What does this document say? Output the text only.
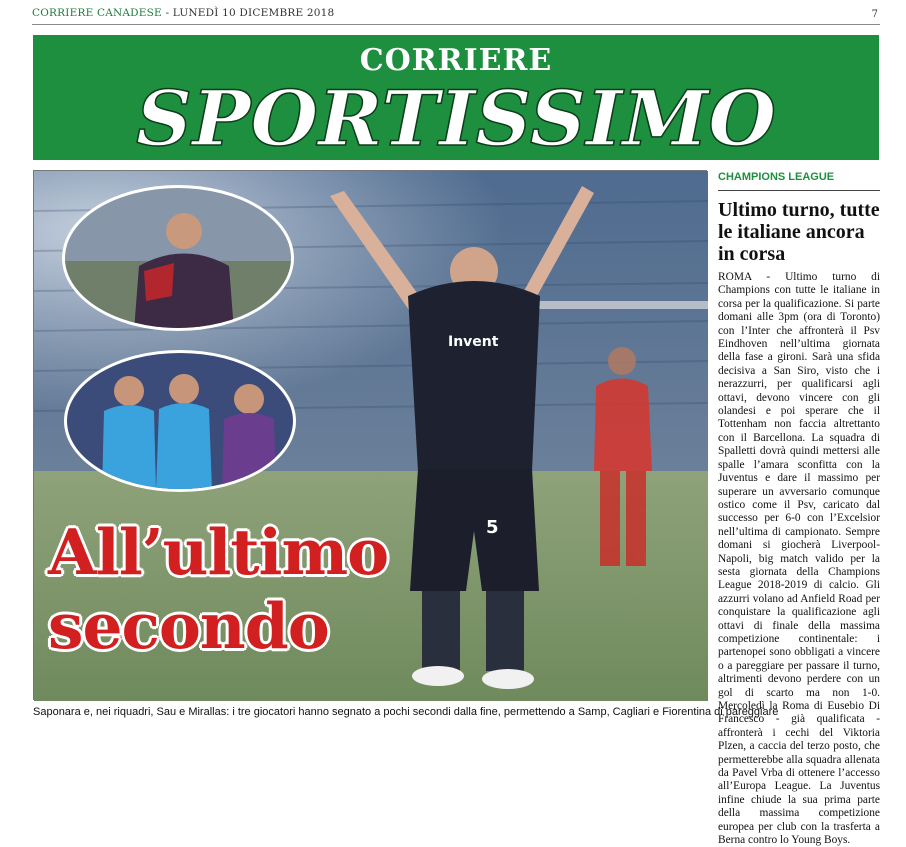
CORRIERE CANADESE - LUNEDÌ 10 DICEMBRE 2018	7
CORRIERE
SPORTISSIMO
Invent
5
All’ultimo
secondo
Saponara e, nei riquadri, Sau e Mirallas: i tre giocatori hanno segnato a pochi secondi dalla fine, permettendo a Samp, Cagliari e Fiorentina di pareggiare
CHAMPIONS LEAGUE
Ultimo turno, tutte le italiane ancora in corsa
ROMA - Ultimo turno di Champions con tutte le italiane in corsa per la qualificazione. Si parte domani alle 3pm (ora di Toronto) con l’Inter che affronterà il Psv Eindhoven nell’ultima giornata della fase a gironi. Sarà una sfida decisiva a San Siro, visto che i nerazzurri, per qualificarsi agli ottavi, devono vincere con gli olandesi e poi sperare che il Tottenham non faccia altrettanto con il Barcellona. La squadra di Spalletti dovrà quindi mettersi alle spalle l’amara sconfitta con la Juventus e dare il massimo per superare un avversario comunque ostico come il Psv, caricato dal successo per 6-0 con l’Excelsior nell’ultima di campionato. Sempre domani si giocherà Liverpool-Napoli, big match valido per la sesta giornata della Champions League 2018-2019 di calcio. Gli azzurri volano ad Anfield Road per conquistare la qualificazione agli ottavi di finale della massima competizione continentale: i partenopei sono obbligati a vincere o a pareggiare per passare il turno, altrimenti devono perdere con un gol di scarto ma non 1-0. Mercoledì la Roma di Eusebio Di Francesco - già qualificata - affronterà i cechi del Viktoria Plzen, a caccia del terzo posto, che permetterebbe alla squadra allenata da Pavel Vrba di ottenere l’accesso all’Europa League. La Juventus infine chiude la sua prima parte della massima competizione europea per club con la trasferta a Berna contro lo Young Boys.
